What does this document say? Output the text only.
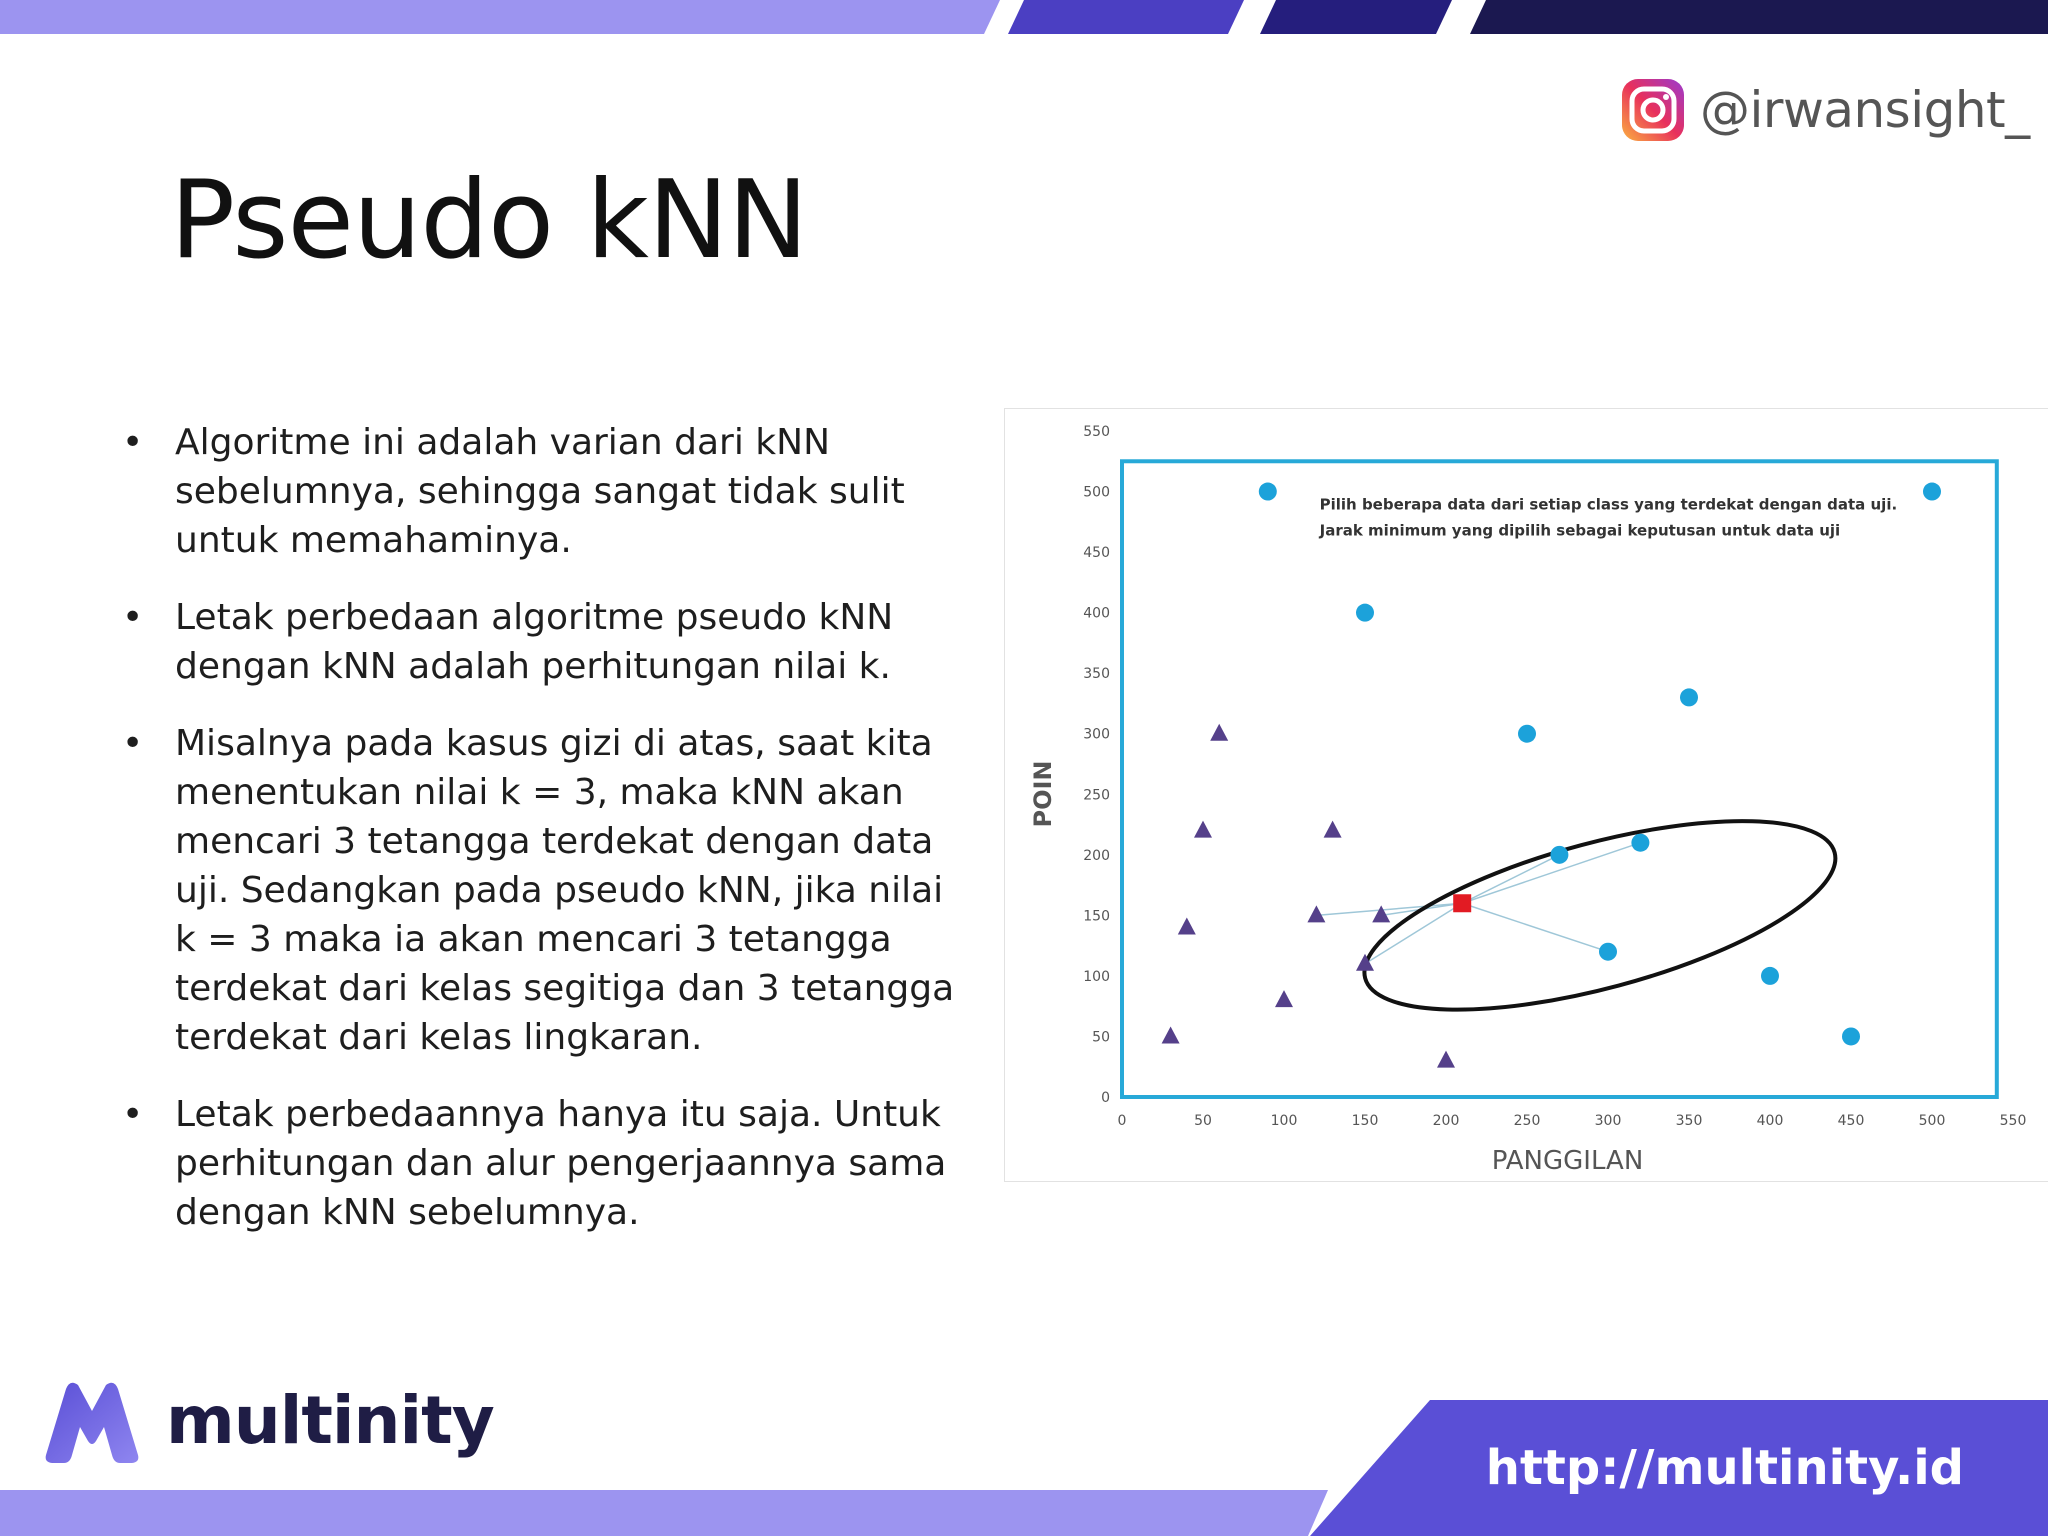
@irwansight_
Pseudo kNN
• Algoritme ini adalah varian dari kNN sebelumnya, sehingga sangat tidak sulit untuk memahaminya.
• Letak perbedaan algoritme pseudo kNN dengan kNN adalah perhitungan nilai k.
• Misalnya pada kasus gizi di atas, saat kita menentukan nilai k = 3, maka kNN akan mencari 3 tetangga terdekat dengan data uji. Sedangkan pada pseudo kNN, jika nilai k = 3 maka ia akan mencari 3 tetangga terdekat dari kelas segitiga dan 3 tetangga terdekat dari kelas lingkaran.
• Letak perbedaannya hanya itu saja. Untuk perhitungan dan alur pengerjaannya sama dengan kNN sebelumnya.
0
50
100
150
200
250
300
350
400
450
500
550
0	50	100	150	200	250	300	350	400	450	500	550
PANGGILAN
POIN
Pilih beberapa data dari setiap class yang terdekat dengan data uji.
Jarak minimum yang dipilih sebagai keputusan untuk data uji
multinity
http://multinity.id
